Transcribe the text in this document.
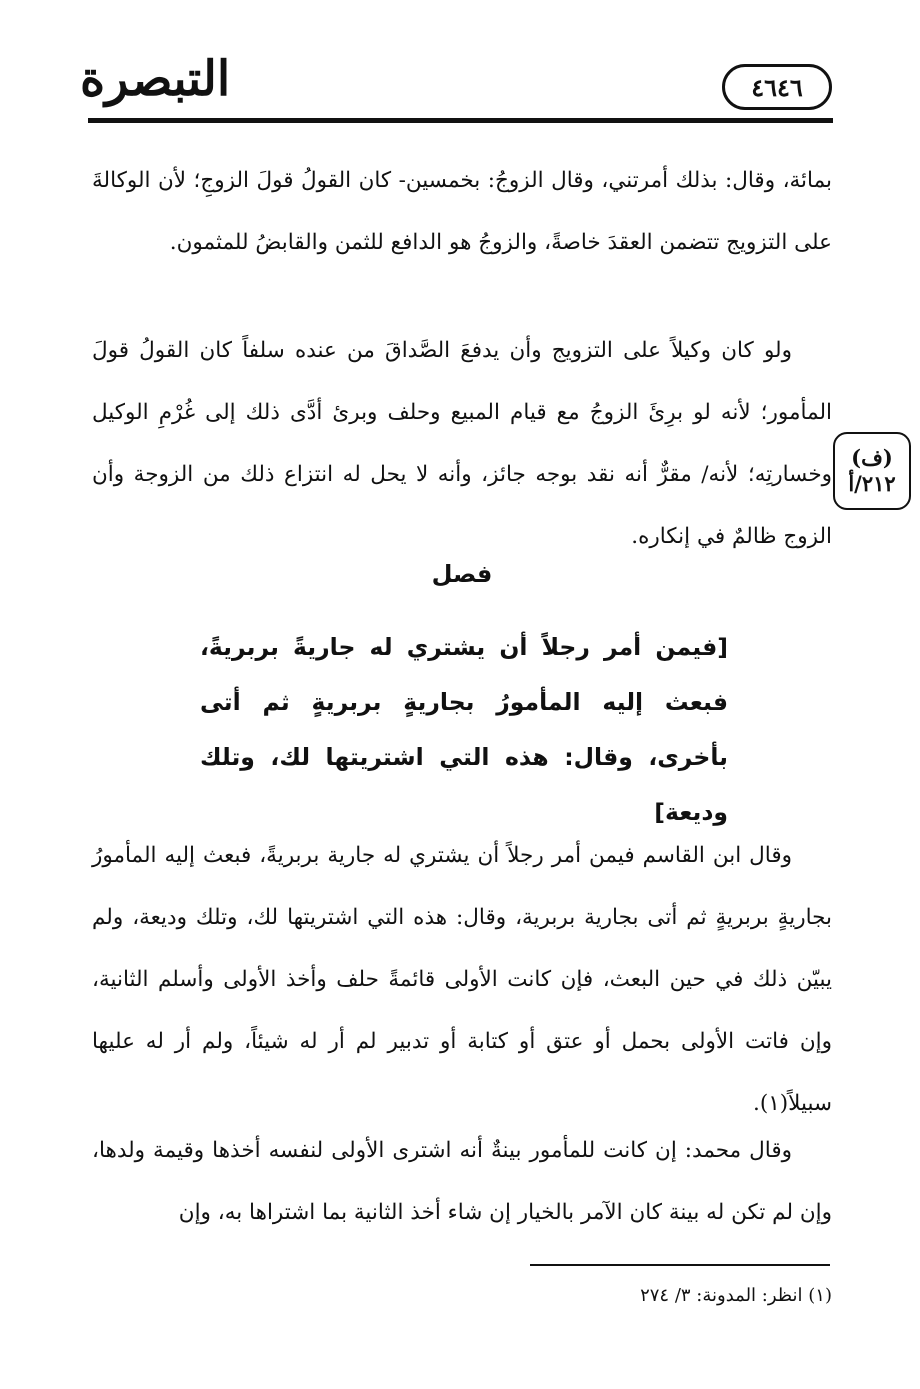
التبصرة	٤٦٤٦

بمائة، وقال: بذلك أمرتني، وقال الزوجُ: بخمسين- كان القولُ قولَ الزوجِ؛ لأن الوكالةَ على التزويج تتضمن العقدَ خاصةً، والزوجُ هو الدافع للثمن والقابضُ للمثمون.

ولو كان وكيلاً على التزويج وأن يدفعَ الصَّداقَ من عنده سلفاً كان القولُ قولَ المأمور؛ لأنه لو برِئَ الزوجُ مع قيام المبيع وحلف وبرئ أدَّى ذلك إلى غُرْمِ الوكيل وخسارتِه؛ لأنه/ مقرٌّ أنه نقد بوجه جائز، وأنه لا يحل له انتزاع ذلك من الزوجة وأن الزوج ظالمٌ في إنكاره.

(ف)
٢١٢/أ
فصل

[فيمن أمر رجلاً أن يشتري له جاريةً بربريةً، فبعث إليه المأمورُ بجاريةٍ بربريةٍ ثم أتى بأخرى، وقال: هذه التي اشتريتها لك، وتلك وديعة]

وقال ابن القاسم فيمن أمر رجلاً أن يشتري له جارية بربريةً، فبعث إليه المأمورُ بجاريةٍ بربريةٍ ثم أتى بجارية بربرية، وقال: هذه التي اشتريتها لك، وتلك وديعة، ولم يبيّن ذلك في حين البعث، فإن كانت الأولى قائمةً حلف وأخذ الأولى وأسلم الثانية، وإن فاتت الأولى بحمل أو عتق أو كتابة أو تدبير لم أر له شيئاً، ولم أر له عليها سبيلاً(١).

وقال محمد: إن كانت للمأمور بينةٌ أنه اشترى الأولى لنفسه أخذها وقيمة ولدها، وإن لم تكن له بينة كان الآمر بالخيار إن شاء أخذ الثانية بما اشتراها به، وإن

(١) انظر: المدونة: ٣/ ٢٧٤
